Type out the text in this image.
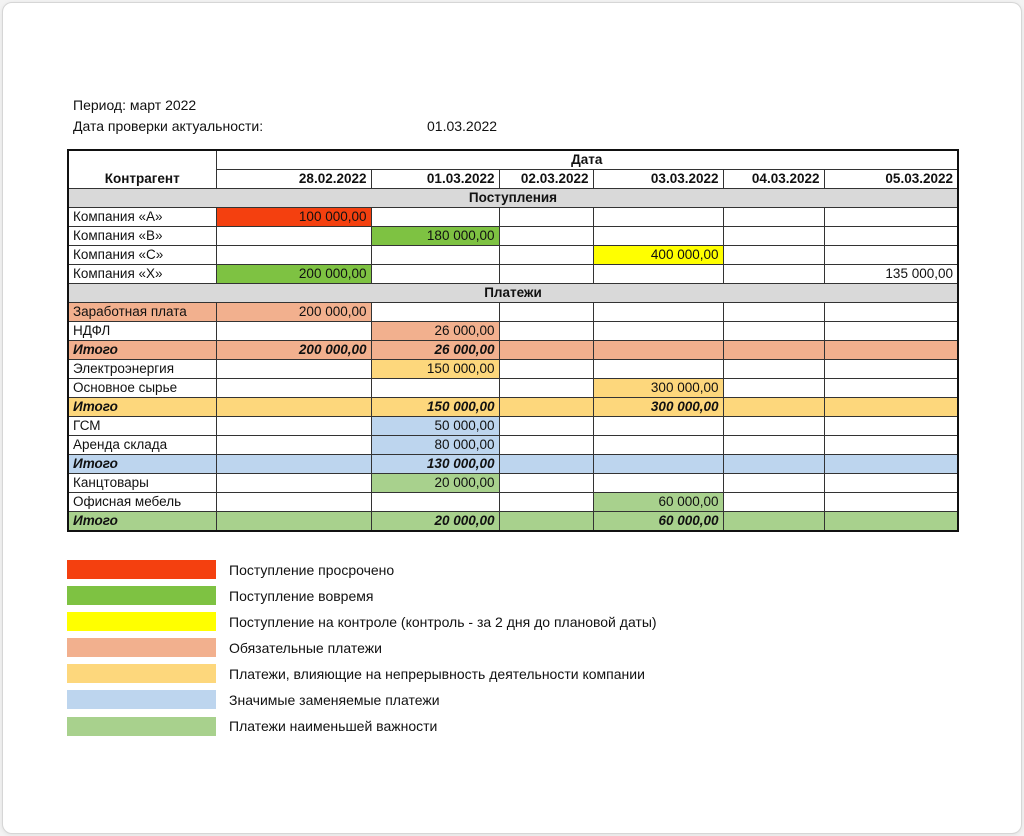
Период: март 2022
Дата проверки актуальности:	01.03.2022
Контрагент	Дата					
	28.02.2022	01.03.2022	02.03.2022	03.03.2022	04.03.2022	05.03.2022
Поступления						
Компания «А»	100 000,00					
Компания «В»		180 000,00				
Компания «С»				400 000,00		
Компания «Х»	200 000,00					135 000,00
Платежи						
Заработная плата	200 000,00					
НДФЛ		26 000,00				
Итого	200 000,00	26 000,00				
Электроэнергия		150 000,00				
Основное сырье				300 000,00		
Итого		150 000,00		300 000,00		
ГСМ		50 000,00				
Аренда склада		80 000,00				
Итого		130 000,00				
Канцтовары		20 000,00				
Офисная мебель				60 000,00		
Итого		20 000,00		60 000,00		
Поступление просрочено
Поступление вовремя
Поступление на контроле (контроль - за 2 дня до плановой даты)
Обязательные платежи
Платежи, влияющие на непрерывность деятельности компании
Значимые заменяемые платежи
Платежи наименьшей важности
